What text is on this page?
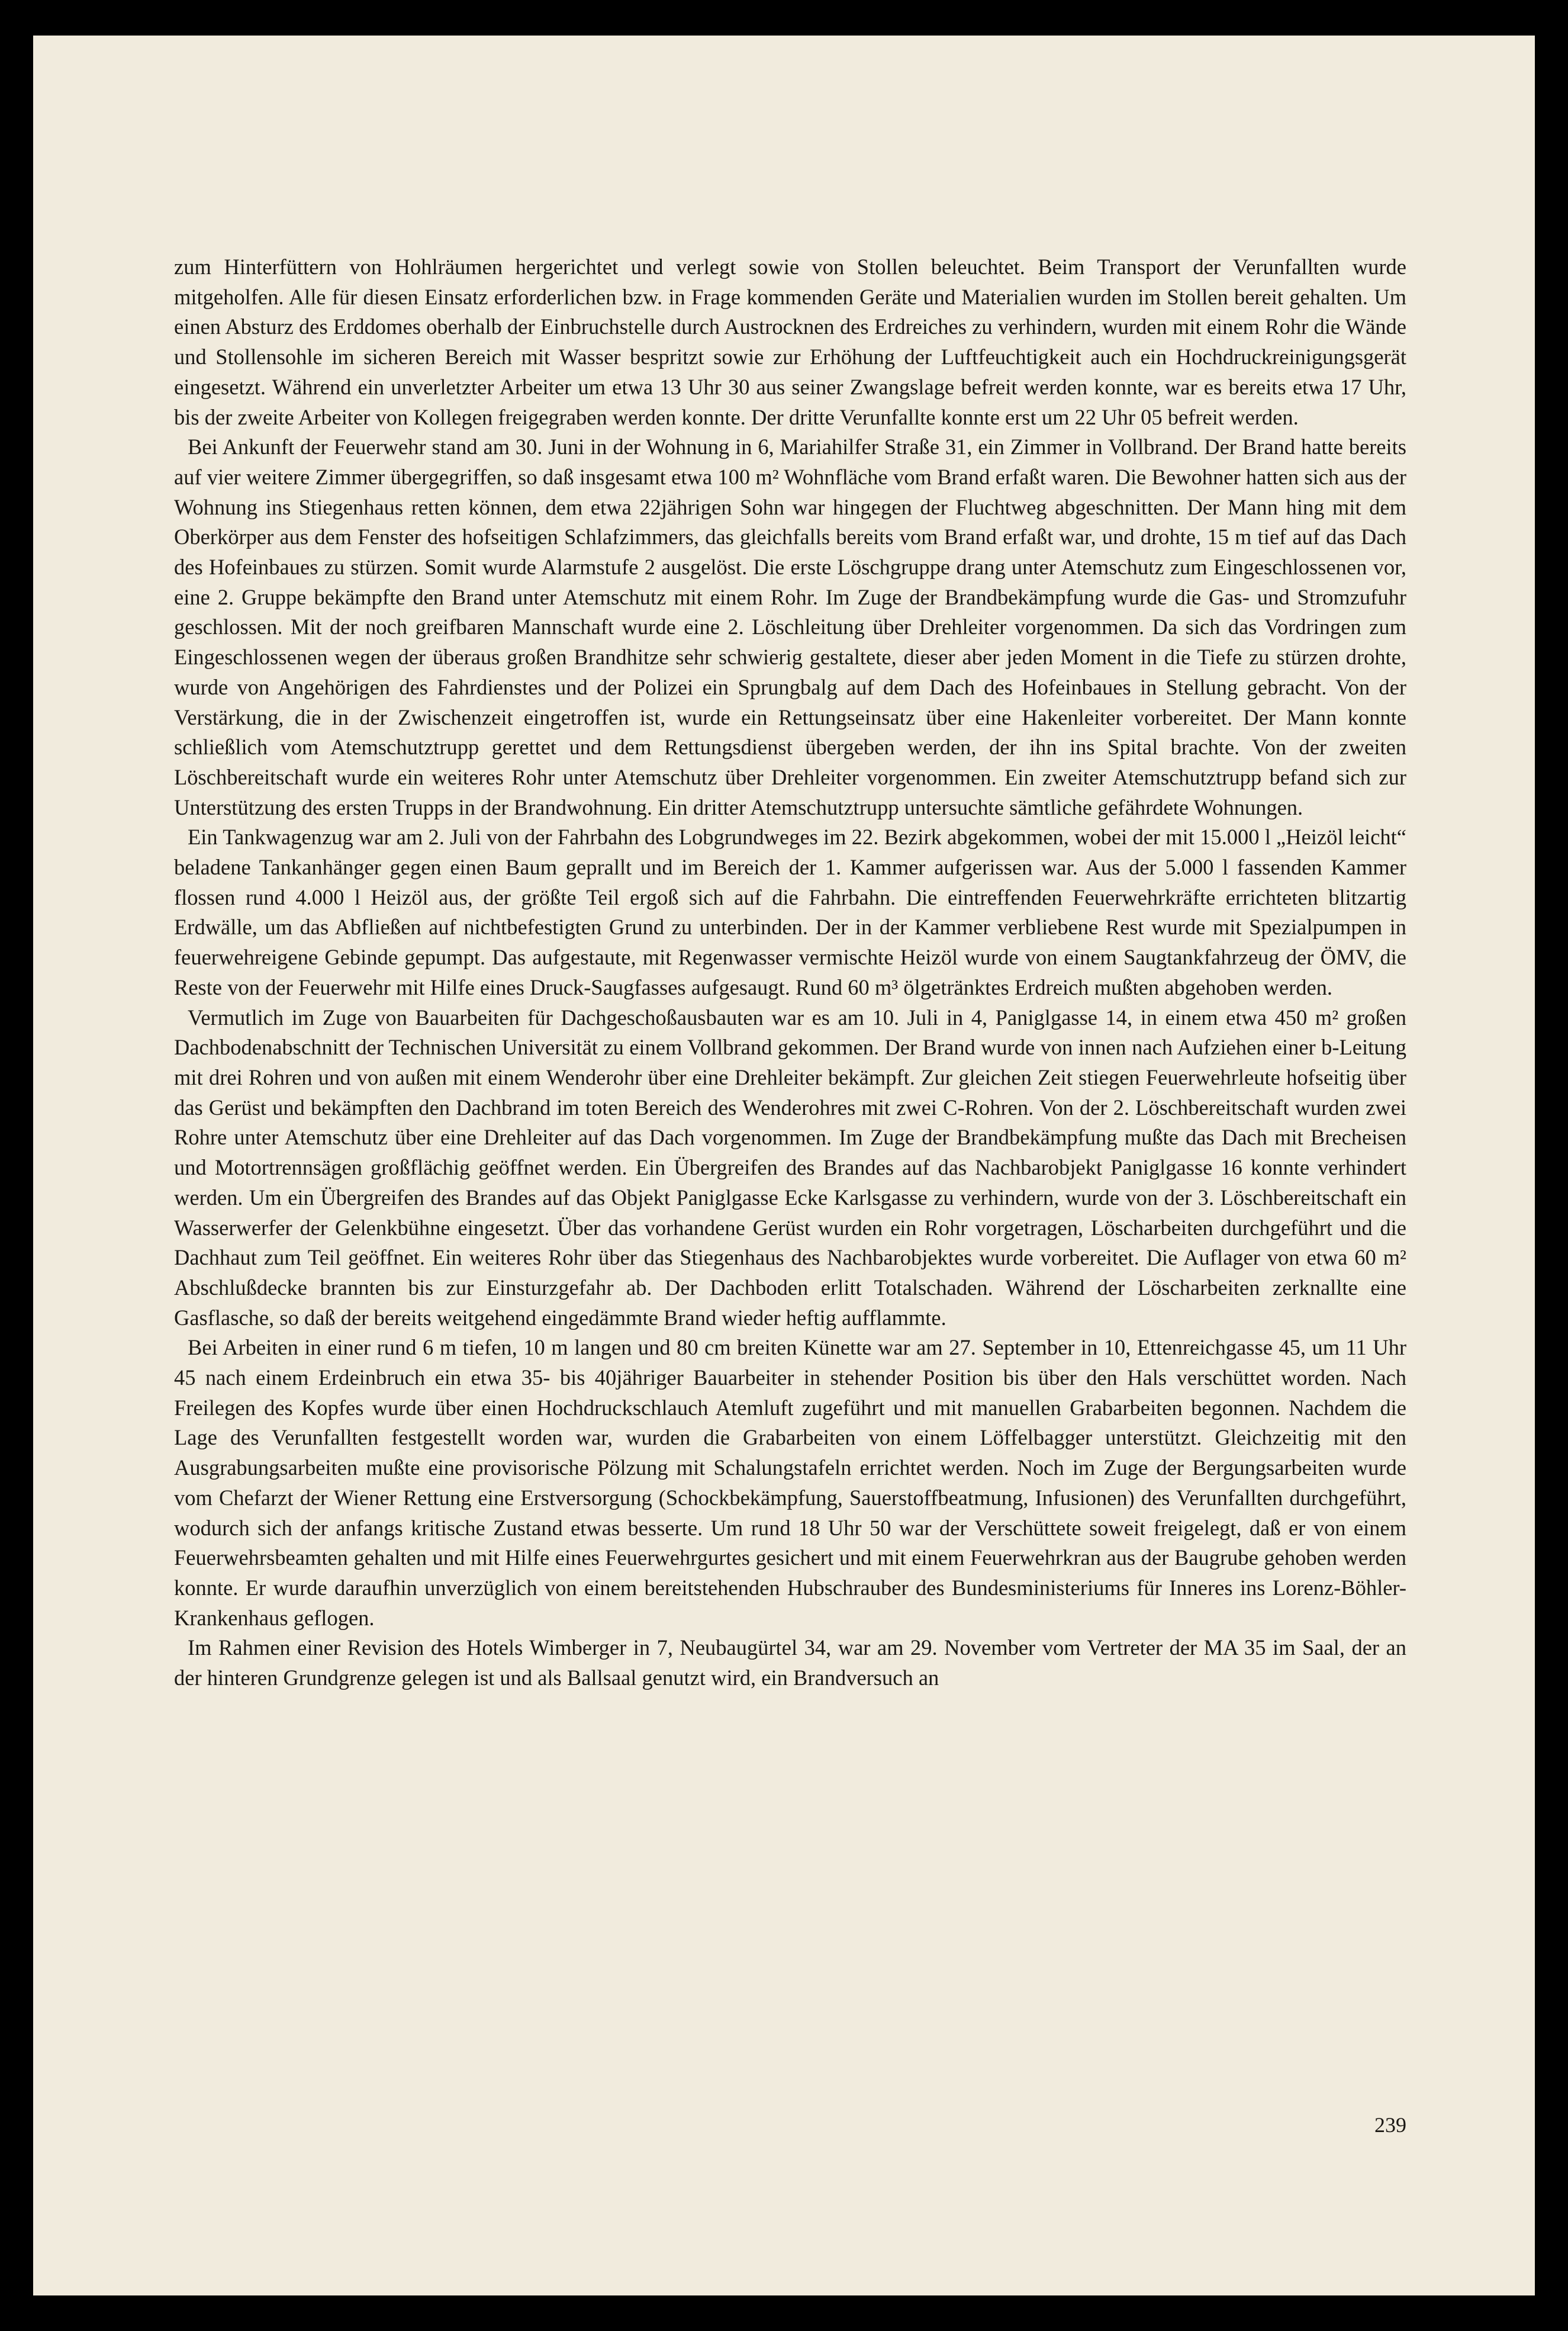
zum Hinterfüttern von Hohlräumen hergerichtet und verlegt sowie von Stollen beleuchtet. Beim Transport der Verunfallten wurde mitgeholfen. Alle für diesen Einsatz erforderlichen bzw. in Frage kommenden Geräte und Materialien wurden im Stollen bereit gehalten. Um einen Absturz des Erddomes oberhalb der Einbruchstelle durch Austrocknen des Erdreiches zu verhindern, wurden mit einem Rohr die Wände und Stollensohle im sicheren Bereich mit Wasser bespritzt sowie zur Erhöhung der Luftfeuchtigkeit auch ein Hochdruckreinigungsgerät eingesetzt. Während ein unverletzter Arbeiter um etwa 13 Uhr 30 aus seiner Zwangslage befreit werden konnte, war es bereits etwa 17 Uhr, bis der zweite Arbeiter von Kollegen freigegraben werden konnte. Der dritte Verunfallte konnte erst um 22 Uhr 05 befreit werden.

Bei Ankunft der Feuerwehr stand am 30. Juni in der Wohnung in 6, Mariahilfer Straße 31, ein Zimmer in Vollbrand. Der Brand hatte bereits auf vier weitere Zimmer übergegriffen, so daß insgesamt etwa 100 m² Wohnfläche vom Brand erfaßt waren. Die Bewohner hatten sich aus der Wohnung ins Stiegenhaus retten können, dem etwa 22jährigen Sohn war hingegen der Fluchtweg abgeschnitten. Der Mann hing mit dem Oberkörper aus dem Fenster des hofseitigen Schlafzimmers, das gleichfalls bereits vom Brand erfaßt war, und drohte, 15 m tief auf das Dach des Hofeinbaues zu stürzen. Somit wurde Alarmstufe 2 ausgelöst. Die erste Löschgruppe drang unter Atemschutz zum Eingeschlossenen vor, eine 2. Gruppe bekämpfte den Brand unter Atemschutz mit einem Rohr. Im Zuge der Brandbekämpfung wurde die Gas- und Stromzufuhr geschlossen. Mit der noch greifbaren Mannschaft wurde eine 2. Löschleitung über Drehleiter vorgenommen. Da sich das Vordringen zum Eingeschlossenen wegen der überaus großen Brandhitze sehr schwierig gestaltete, dieser aber jeden Moment in die Tiefe zu stürzen drohte, wurde von Angehörigen des Fahrdienstes und der Polizei ein Sprungbalg auf dem Dach des Hofeinbaues in Stellung gebracht. Von der Verstärkung, die in der Zwischenzeit eingetroffen ist, wurde ein Rettungseinsatz über eine Hakenleiter vorbereitet. Der Mann konnte schließlich vom Atemschutztrupp gerettet und dem Rettungsdienst übergeben werden, der ihn ins Spital brachte. Von der zweiten Löschbereitschaft wurde ein weiteres Rohr unter Atemschutz über Drehleiter vorgenommen. Ein zweiter Atemschutztrupp befand sich zur Unterstützung des ersten Trupps in der Brandwohnung. Ein dritter Atemschutztrupp untersuchte sämtliche gefährdete Wohnungen.

Ein Tankwagenzug war am 2. Juli von der Fahrbahn des Lobgrundweges im 22. Bezirk abgekommen, wobei der mit 15.000 l „Heizöl leicht“ beladene Tankanhänger gegen einen Baum geprallt und im Bereich der 1. Kammer aufgerissen war. Aus der 5.000 l fassenden Kammer flossen rund 4.000 l Heizöl aus, der größte Teil ergoß sich auf die Fahrbahn. Die eintreffenden Feuerwehrkräfte errichteten blitzartig Erdwälle, um das Abfließen auf nichtbefestigten Grund zu unterbinden. Der in der Kammer verbliebene Rest wurde mit Spezialpumpen in feuerwehreigene Gebinde gepumpt. Das aufgestaute, mit Regenwasser vermischte Heizöl wurde von einem Saugtankfahrzeug der ÖMV, die Reste von der Feuerwehr mit Hilfe eines Druck-Saugfasses aufgesaugt. Rund 60 m³ ölgetränktes Erdreich mußten abgehoben werden.

Vermutlich im Zuge von Bauarbeiten für Dachgeschoßausbauten war es am 10. Juli in 4, Paniglgasse 14, in einem etwa 450 m² großen Dachbodenabschnitt der Technischen Universität zu einem Vollbrand gekommen. Der Brand wurde von innen nach Aufziehen einer b-Leitung mit drei Rohren und von außen mit einem Wenderohr über eine Drehleiter bekämpft. Zur gleichen Zeit stiegen Feuerwehrleute hofseitig über das Gerüst und bekämpften den Dachbrand im toten Bereich des Wenderohres mit zwei C-Rohren. Von der 2. Löschbereitschaft wurden zwei Rohre unter Atemschutz über eine Drehleiter auf das Dach vorgenommen. Im Zuge der Brandbekämpfung mußte das Dach mit Brecheisen und Motortrennsägen großflächig geöffnet werden. Ein Übergreifen des Brandes auf das Nachbarobjekt Paniglgasse 16 konnte verhindert werden. Um ein Übergreifen des Brandes auf das Objekt Paniglgasse Ecke Karlsgasse zu verhindern, wurde von der 3. Löschbereitschaft ein Wasserwerfer der Gelenkbühne eingesetzt. Über das vorhandene Gerüst wurden ein Rohr vorgetragen, Löscharbeiten durchgeführt und die Dachhaut zum Teil geöffnet. Ein weiteres Rohr über das Stiegenhaus des Nachbarobjektes wurde vorbereitet. Die Auflager von etwa 60 m² Abschlußdecke brannten bis zur Einsturzgefahr ab. Der Dachboden erlitt Totalschaden. Während der Löscharbeiten zerknallte eine Gasflasche, so daß der bereits weitgehend eingedämmte Brand wieder heftig aufflammte.

Bei Arbeiten in einer rund 6 m tiefen, 10 m langen und 80 cm breiten Künette war am 27. September in 10, Ettenreichgasse 45, um 11 Uhr 45 nach einem Erdeinbruch ein etwa 35- bis 40jähriger Bauarbeiter in stehender Position bis über den Hals verschüttet worden. Nach Freilegen des Kopfes wurde über einen Hochdruckschlauch Atemluft zugeführt und mit manuellen Grabarbeiten begonnen. Nachdem die Lage des Verunfallten festgestellt worden war, wurden die Grabarbeiten von einem Löffelbagger unterstützt. Gleichzeitig mit den Ausgrabungsarbeiten mußte eine provisorische Pölzung mit Schalungstafeln errichtet werden. Noch im Zuge der Bergungsarbeiten wurde vom Chefarzt der Wiener Rettung eine Erstversorgung (Schockbekämpfung, Sauerstoffbeatmung, Infusionen) des Verunfallten durchgeführt, wodurch sich der anfangs kritische Zustand etwas besserte. Um rund 18 Uhr 50 war der Verschüttete soweit freigelegt, daß er von einem Feuerwehrsbeamten gehalten und mit Hilfe eines Feuerwehrgurtes gesichert und mit einem Feuerwehrkran aus der Baugrube gehoben werden konnte. Er wurde daraufhin unverzüglich von einem bereitstehenden Hubschrauber des Bundesministeriums für Inneres ins Lorenz-Böhler-Krankenhaus geflogen.

Im Rahmen einer Revision des Hotels Wimberger in 7, Neubaugürtel 34, war am 29. November vom Vertreter der MA 35 im Saal, der an der hinteren Grundgrenze gelegen ist und als Ballsaal genutzt wird, ein Brandversuch an

239
